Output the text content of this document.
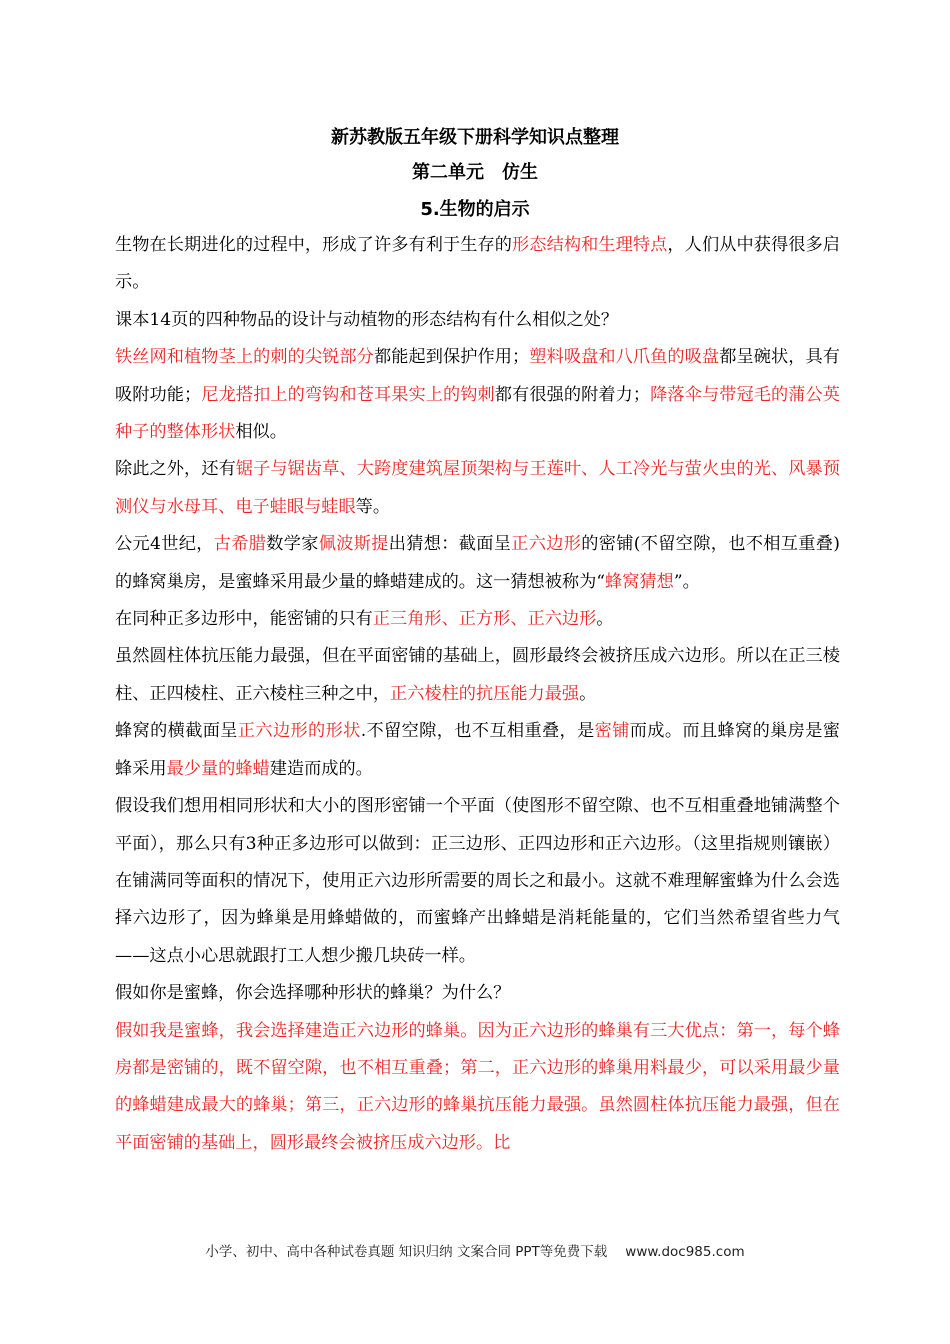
新苏教版五年级下册科学知识点整理
第二单元　仿生
5.生物的启示

生物在长期进化的过程中，形成了许多有利于生存的形态结构和生理特点，人们从中获得很多启示。

课本14页的四种物品的设计与动植物的形态结构有什么相似之处？

铁丝网和植物茎上的刺的尖锐部分都能起到保护作用；塑料吸盘和八爪鱼的吸盘都呈碗状，具有吸附功能；尼龙搭扣上的弯钩和苍耳果实上的钩刺都有很强的附着力；降落伞与带冠毛的蒲公英种子的整体形状相似。

除此之外，还有锯子与锯齿草、大跨度建筑屋顶架构与王莲叶、人工冷光与萤火虫的光、风暴预测仪与水母耳、电子蛙眼与蛙眼等。

公元4世纪，古希腊数学家佩波斯提出猜想：截面呈正六边形的密铺(不留空隙，也不相互重叠)的蜂窝巢房，是蜜蜂采用最少量的蜂蜡建成的。这一猜想被称为“蜂窝猜想”。

在同种正多边形中，能密铺的只有正三角形、正方形、正六边形。

虽然圆柱体抗压能力最强，但在平面密铺的基础上，圆形最终会被挤压成六边形。所以在正三棱柱、正四棱柱、正六棱柱三种之中，正六棱柱的抗压能力最强。

蜂窝的横截面呈正六边形的形状.不留空隙，也不互相重叠，是密铺而成。而且蜂窝的巢房是蜜蜂采用最少量的蜂蜡建造而成的。

假设我们想用相同形状和大小的图形密铺一个平面（使图形不留空隙、也不互相重叠地铺满整个平面），那么只有3种正多边形可以做到：正三边形、正四边形和正六边形。（这里指规则镶嵌）在铺满同等面积的情况下，使用正六边形所需要的周长之和最小。这就不难理解蜜蜂为什么会选择六边形了，因为蜂巢是用蜂蜡做的，而蜜蜂产出蜂蜡是消耗能量的，它们当然希望省些力气——这点小心思就跟打工人想少搬几块砖一样。

假如你是蜜蜂，你会选择哪种形状的蜂巢？为什么？

假如我是蜜蜂，我会选择建造正六边形的蜂巢。因为正六边形的蜂巢有三大优点：第一，每个蜂房都是密铺的，既不留空隙，也不相互重叠；第二，正六边形的蜂巢用料最少，可以采用最少量的蜂蜡建成最大的蜂巢；第三，正六边形的蜂巢抗压能力最强。虽然圆柱体抗压能力最强，但在平面密铺的基础上，圆形最终会被挤压成六边形。比

小学、初中、高中各种试卷真题 知识归纳 文案合同 PPT等免费下载 www.doc985.com
